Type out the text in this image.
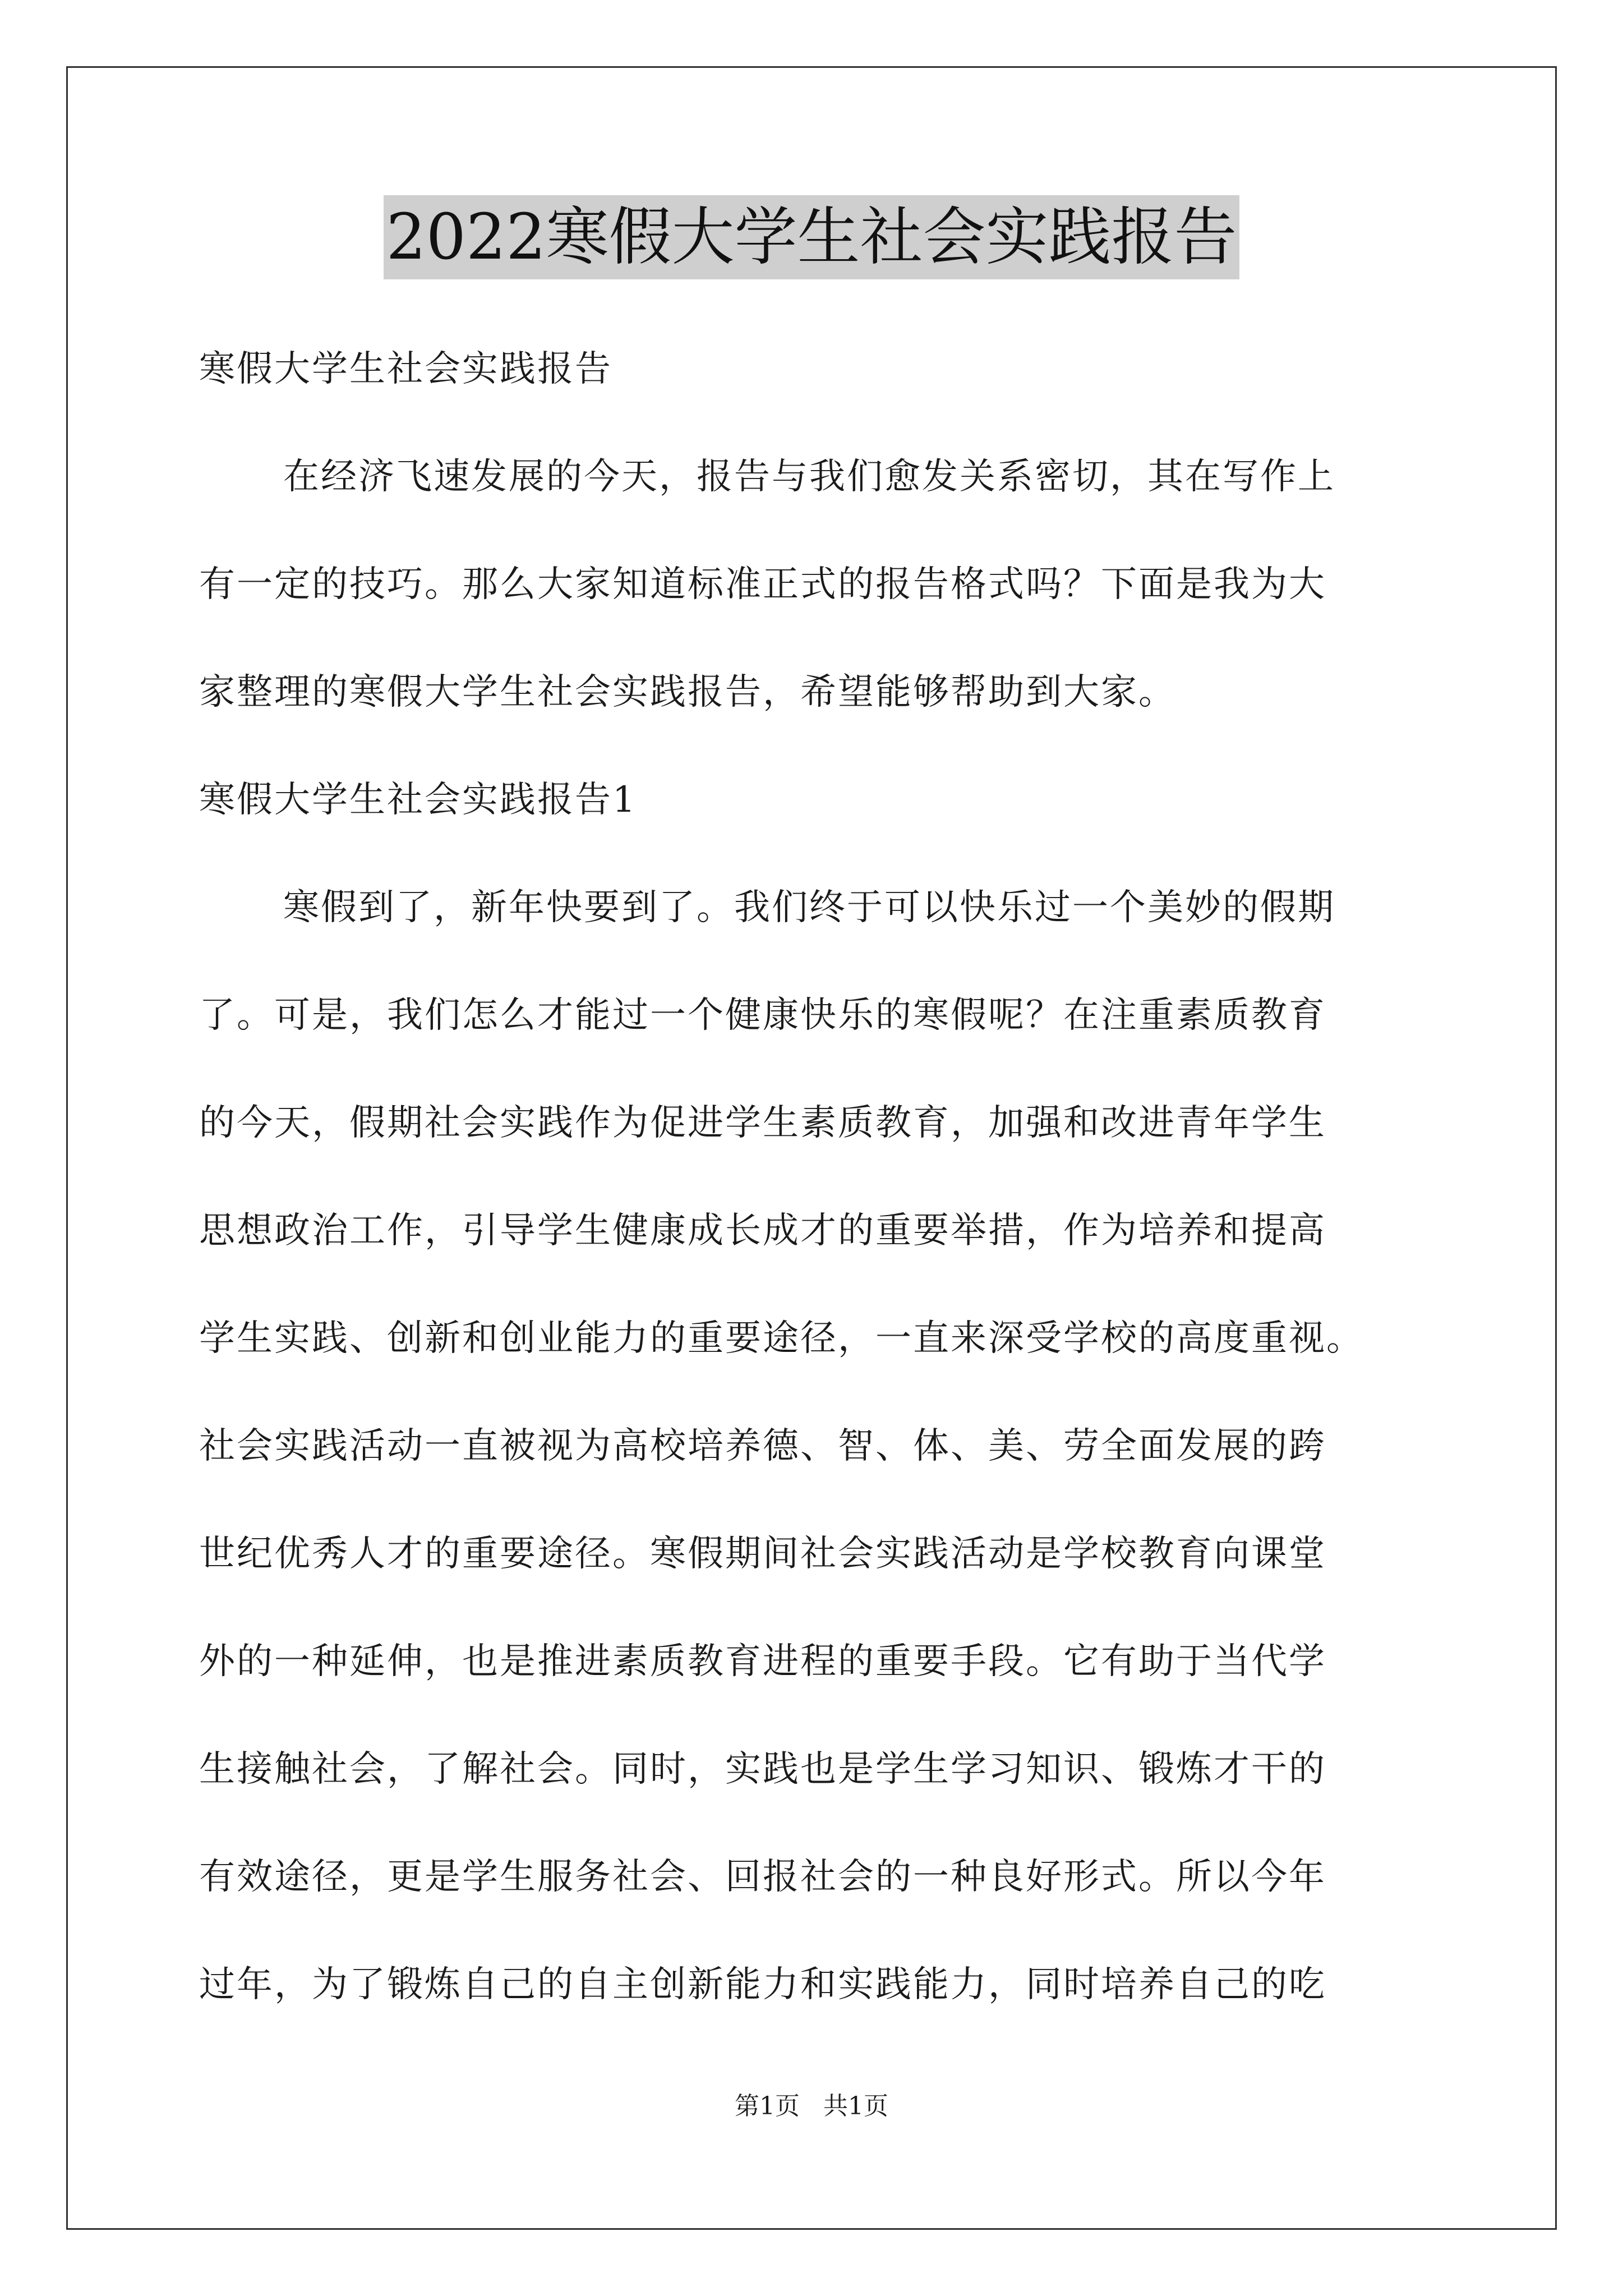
2022寒假大学生社会实践报告
寒假大学生社会实践报告
在经济飞速发展的今天，报告与我们愈发关系密切，其在写作上
有一定的技巧。那么大家知道标准正式的报告格式吗？下面是我为大
家整理的寒假大学生社会实践报告，希望能够帮助到大家。
寒假大学生社会实践报告1
寒假到了，新年快要到了。我们终于可以快乐过一个美妙的假期
了。可是，我们怎么才能过一个健康快乐的寒假呢？在注重素质教育
的今天，假期社会实践作为促进学生素质教育，加强和改进青年学生
思想政治工作，引导学生健康成长成才的重要举措，作为培养和提高
学生实践、创新和创业能力的重要途径，一直来深受学校的高度重视。
社会实践活动一直被视为高校培养德、智、体、美、劳全面发展的跨
世纪优秀人才的重要途径。寒假期间社会实践活动是学校教育向课堂
外的一种延伸，也是推进素质教育进程的重要手段。它有助于当代学
生接触社会，了解社会。同时，实践也是学生学习知识、锻炼才干的
有效途径，更是学生服务社会、回报社会的一种良好形式。所以今年
过年，为了锻炼自己的自主创新能力和实践能力，同时培养自己的吃
第1页   共1页
